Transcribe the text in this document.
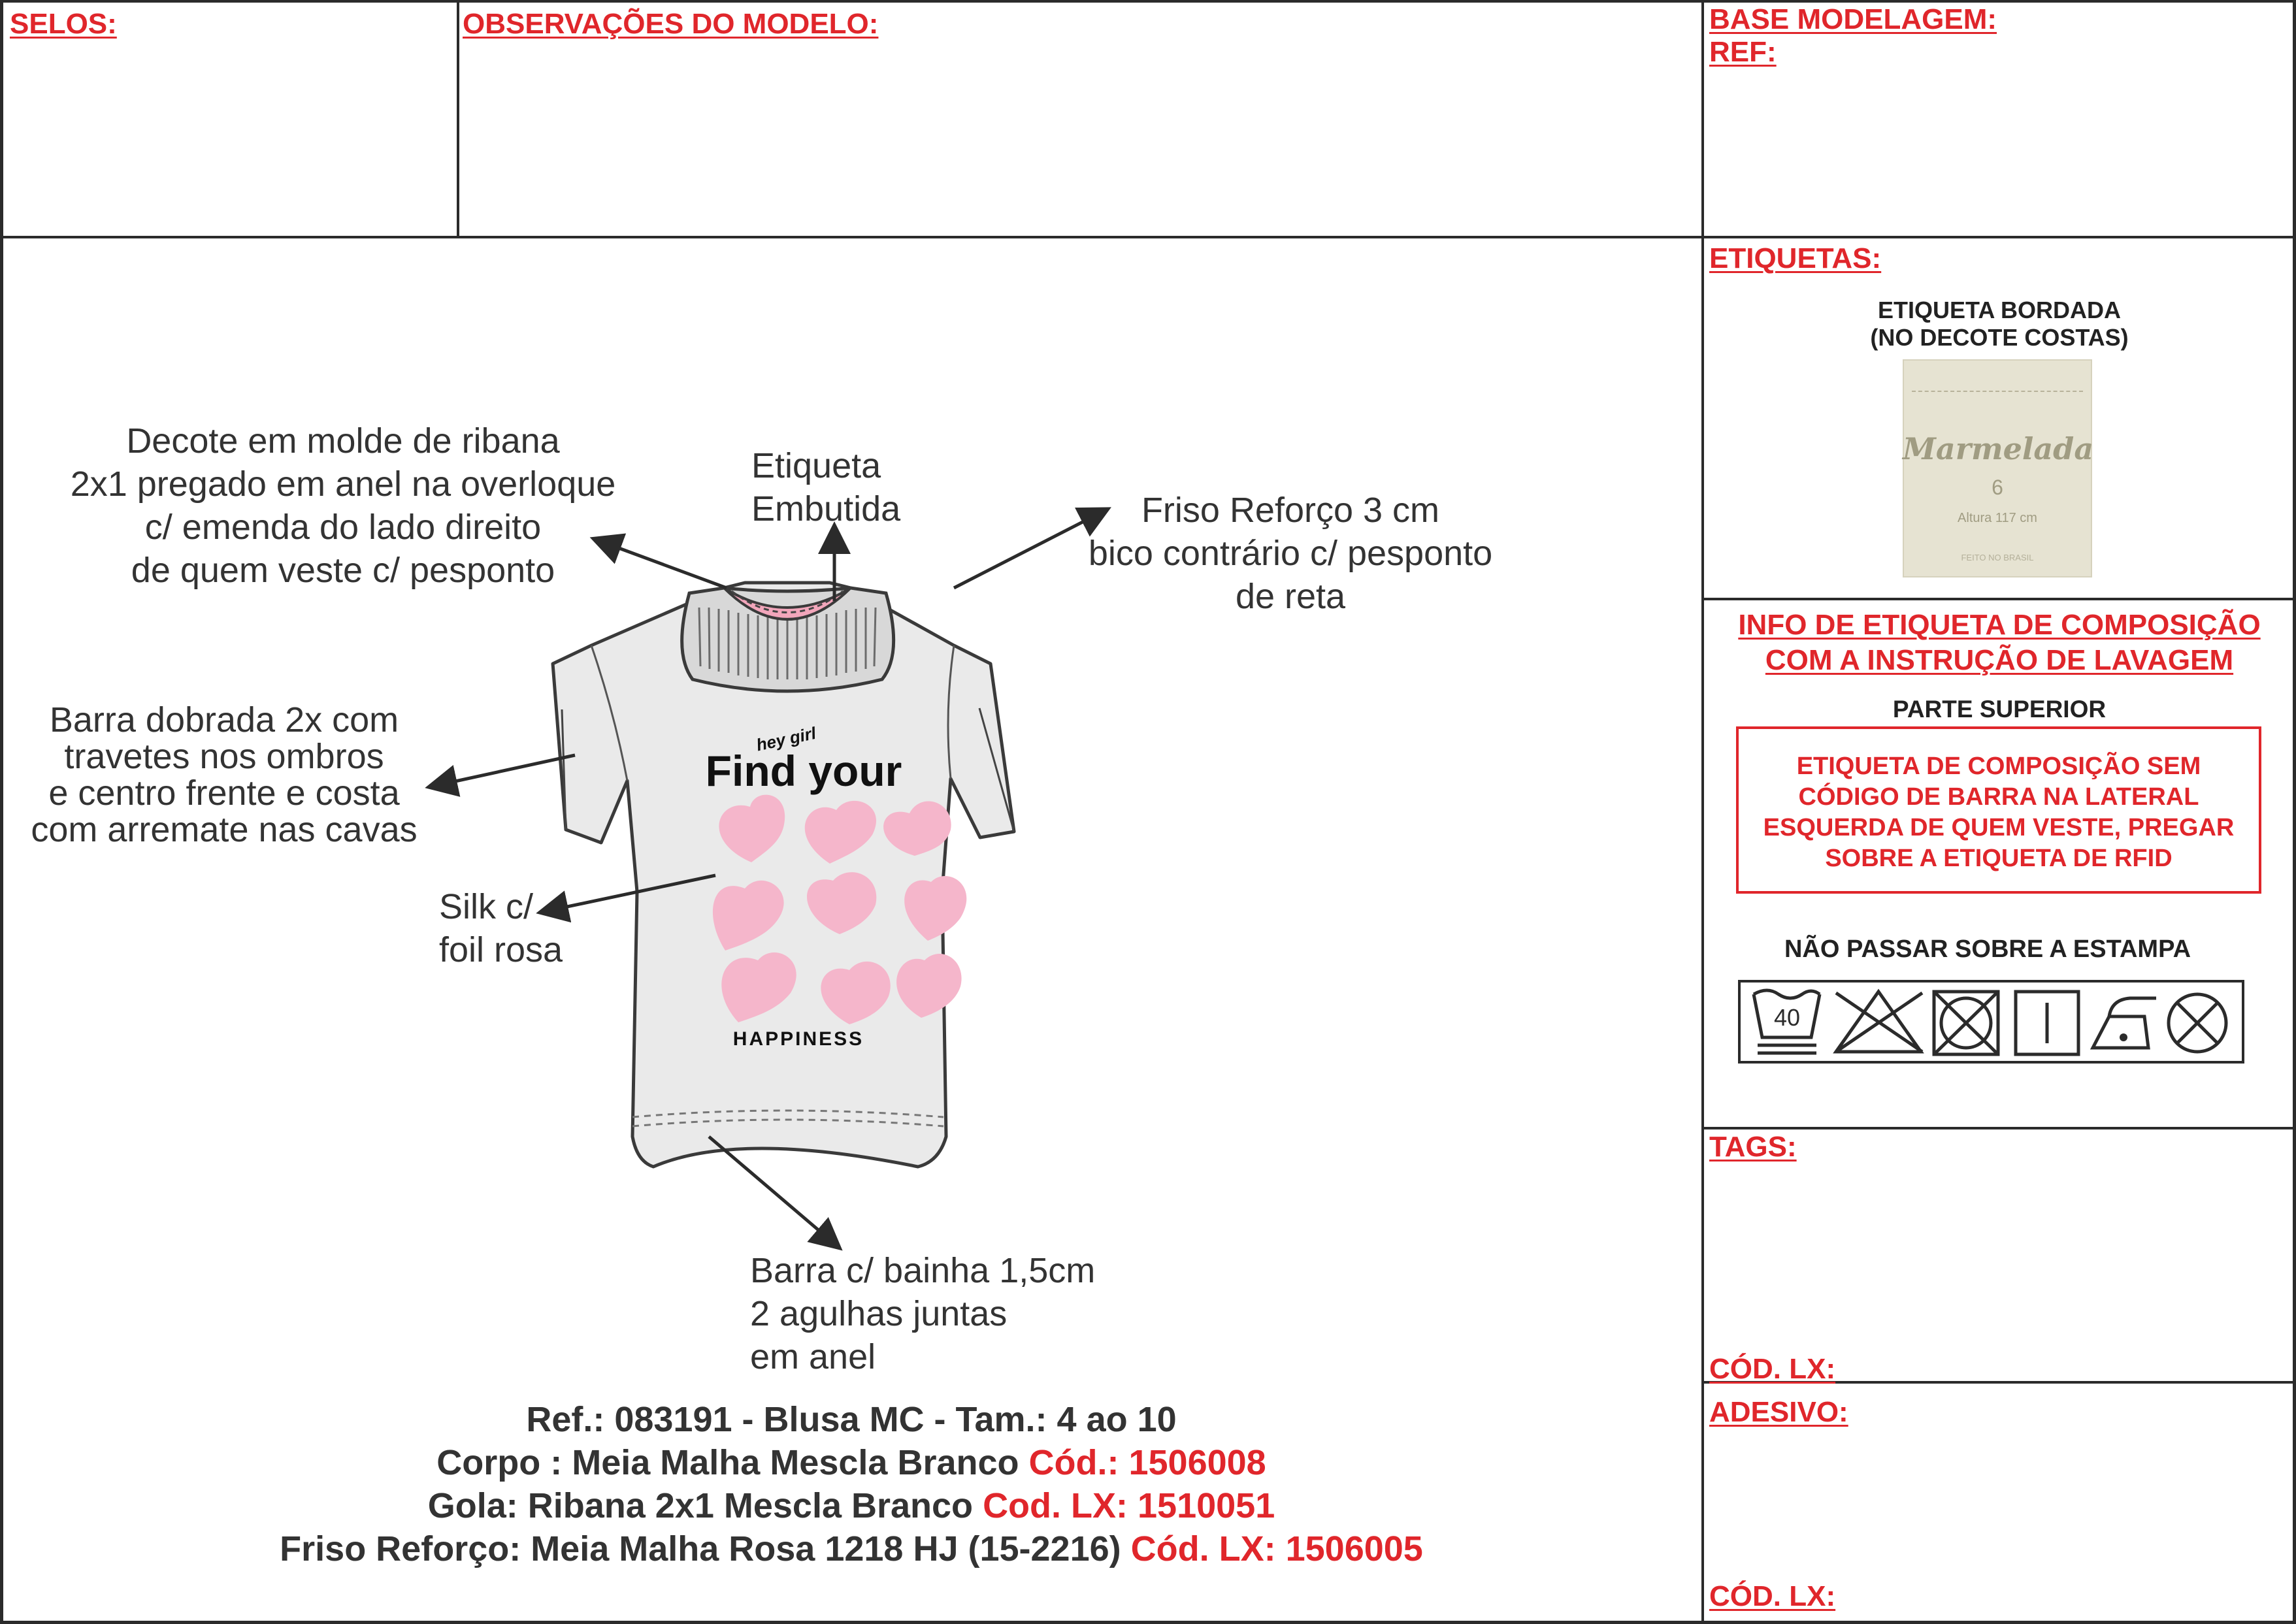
SELOS:	OBSERVAÇÕES DO MODELO:	BASE MODELAGEM:
REF:
hey girl
Find your
HAPPINESS
Decote em molde de ribana
2x1 pregado em anel na overloque
c/ emenda do lado direito
de quem veste c/ pesponto
Etiqueta
Embutida	Friso Reforço 3 cm
bico contrário c/ pesponto
de reta
Barra dobrada 2x com
travetes nos ombros
e centro frente e costa
com arremate nas cavas
Silk c/
foil rosa
Barra c/ bainha 1,5cm
2 agulhas juntas
em anel
Ref.: 083191 - Blusa MC - Tam.: 4 ao 10
Corpo : Meia Malha Mescla Branco Cód.: 1506008
Gola: Ribana 2x1 Mescla Branco Cod. LX: 1510051
Friso Reforço: Meia Malha Rosa 1218 HJ (15-2216) Cód. LX: 1506005
ETIQUETAS:
ETIQUETA BORDADA
(NO DECOTE COSTAS)
Marmelada
6
Altura 117 cm
FEITO NO BRASIL
INFO DE ETIQUETA DE COMPOSIÇÃO
COM A INSTRUÇÃO DE LAVAGEM
PARTE SUPERIOR
ETIQUETA DE COMPOSIÇÃO SEM
CÓDIGO DE BARRA NA LATERAL
ESQUERDA DE QUEM VESTE, PREGAR
SOBRE A ETIQUETA DE RFID
NÃO PASSAR SOBRE A ESTAMPA
40
TAGS:
CÓD. LX:
ADESIVO:
CÓD. LX:
